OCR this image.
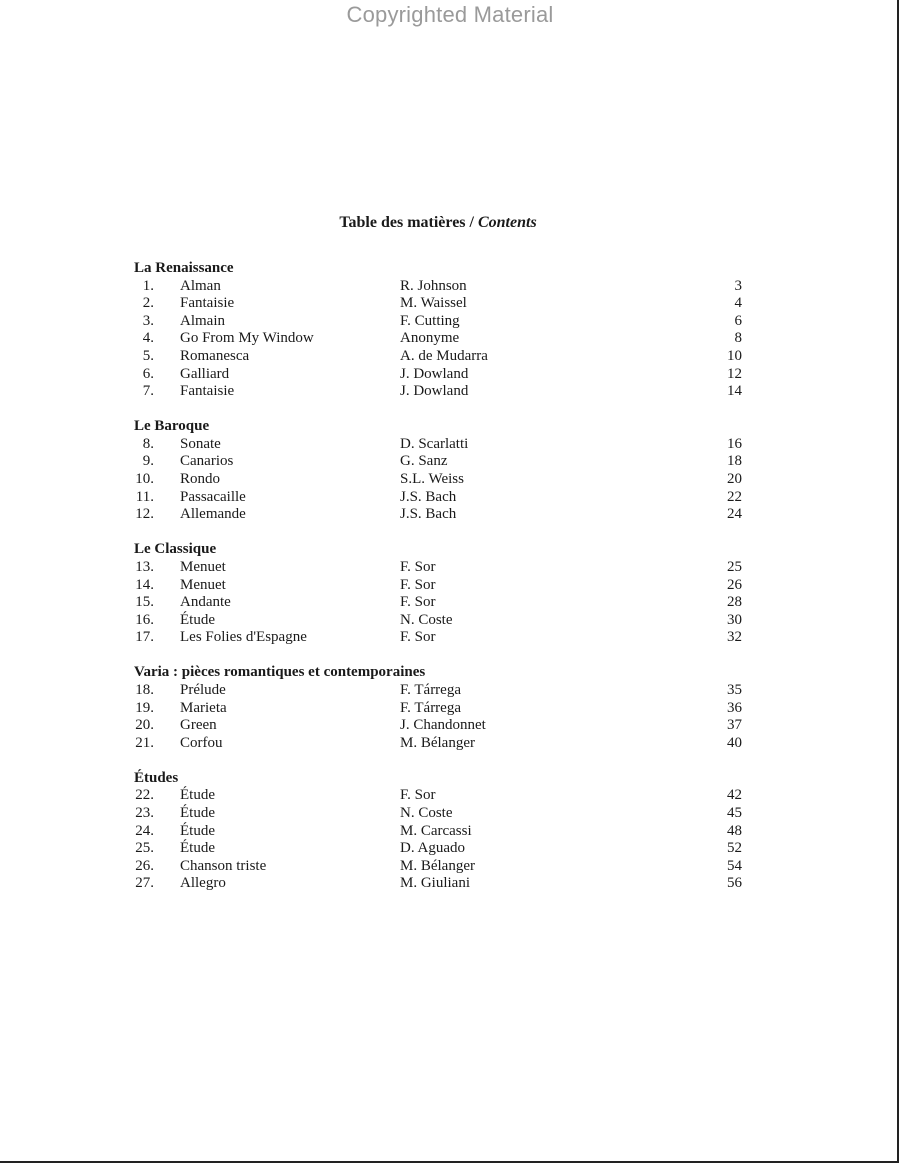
Copyrighted Material
Table des matières / Contents
La Renaissance
1. Alman	R. Johnson	3
2. Fantaisie	M. Waissel	4
3. Almain	F. Cutting	6
4. Go From My Window	Anonyme	8
5. Romanesca	A. de Mudarra	10
6. Galliard	J. Dowland	12
7. Fantaisie	J. Dowland	14
Le Baroque
8. Sonate	D. Scarlatti	16
9. Canarios	G. Sanz	18
10. Rondo	S.L. Weiss	20
11. Passacaille	J.S. Bach	22
12. Allemande	J.S. Bach	24
Le Classique
13. Menuet	F. Sor	25
14. Menuet	F. Sor	26
15. Andante	F. Sor	28
16. Étude	N. Coste	30
17. Les Folies d'Espagne	F. Sor	32
Varia : pièces romantiques et contemporaines
18. Prélude	F. Tárrega	35
19. Marieta	F. Tárrega	36
20. Green	J. Chandonnet	37
21. Corfou	M. Bélanger	40
Études
22. Étude	F. Sor	42
23. Étude	N. Coste	45
24. Étude	M. Carcassi	48
25. Étude	D. Aguado	52
26. Chanson triste	M. Bélanger	54
27. Allegro	M. Giuliani	56
